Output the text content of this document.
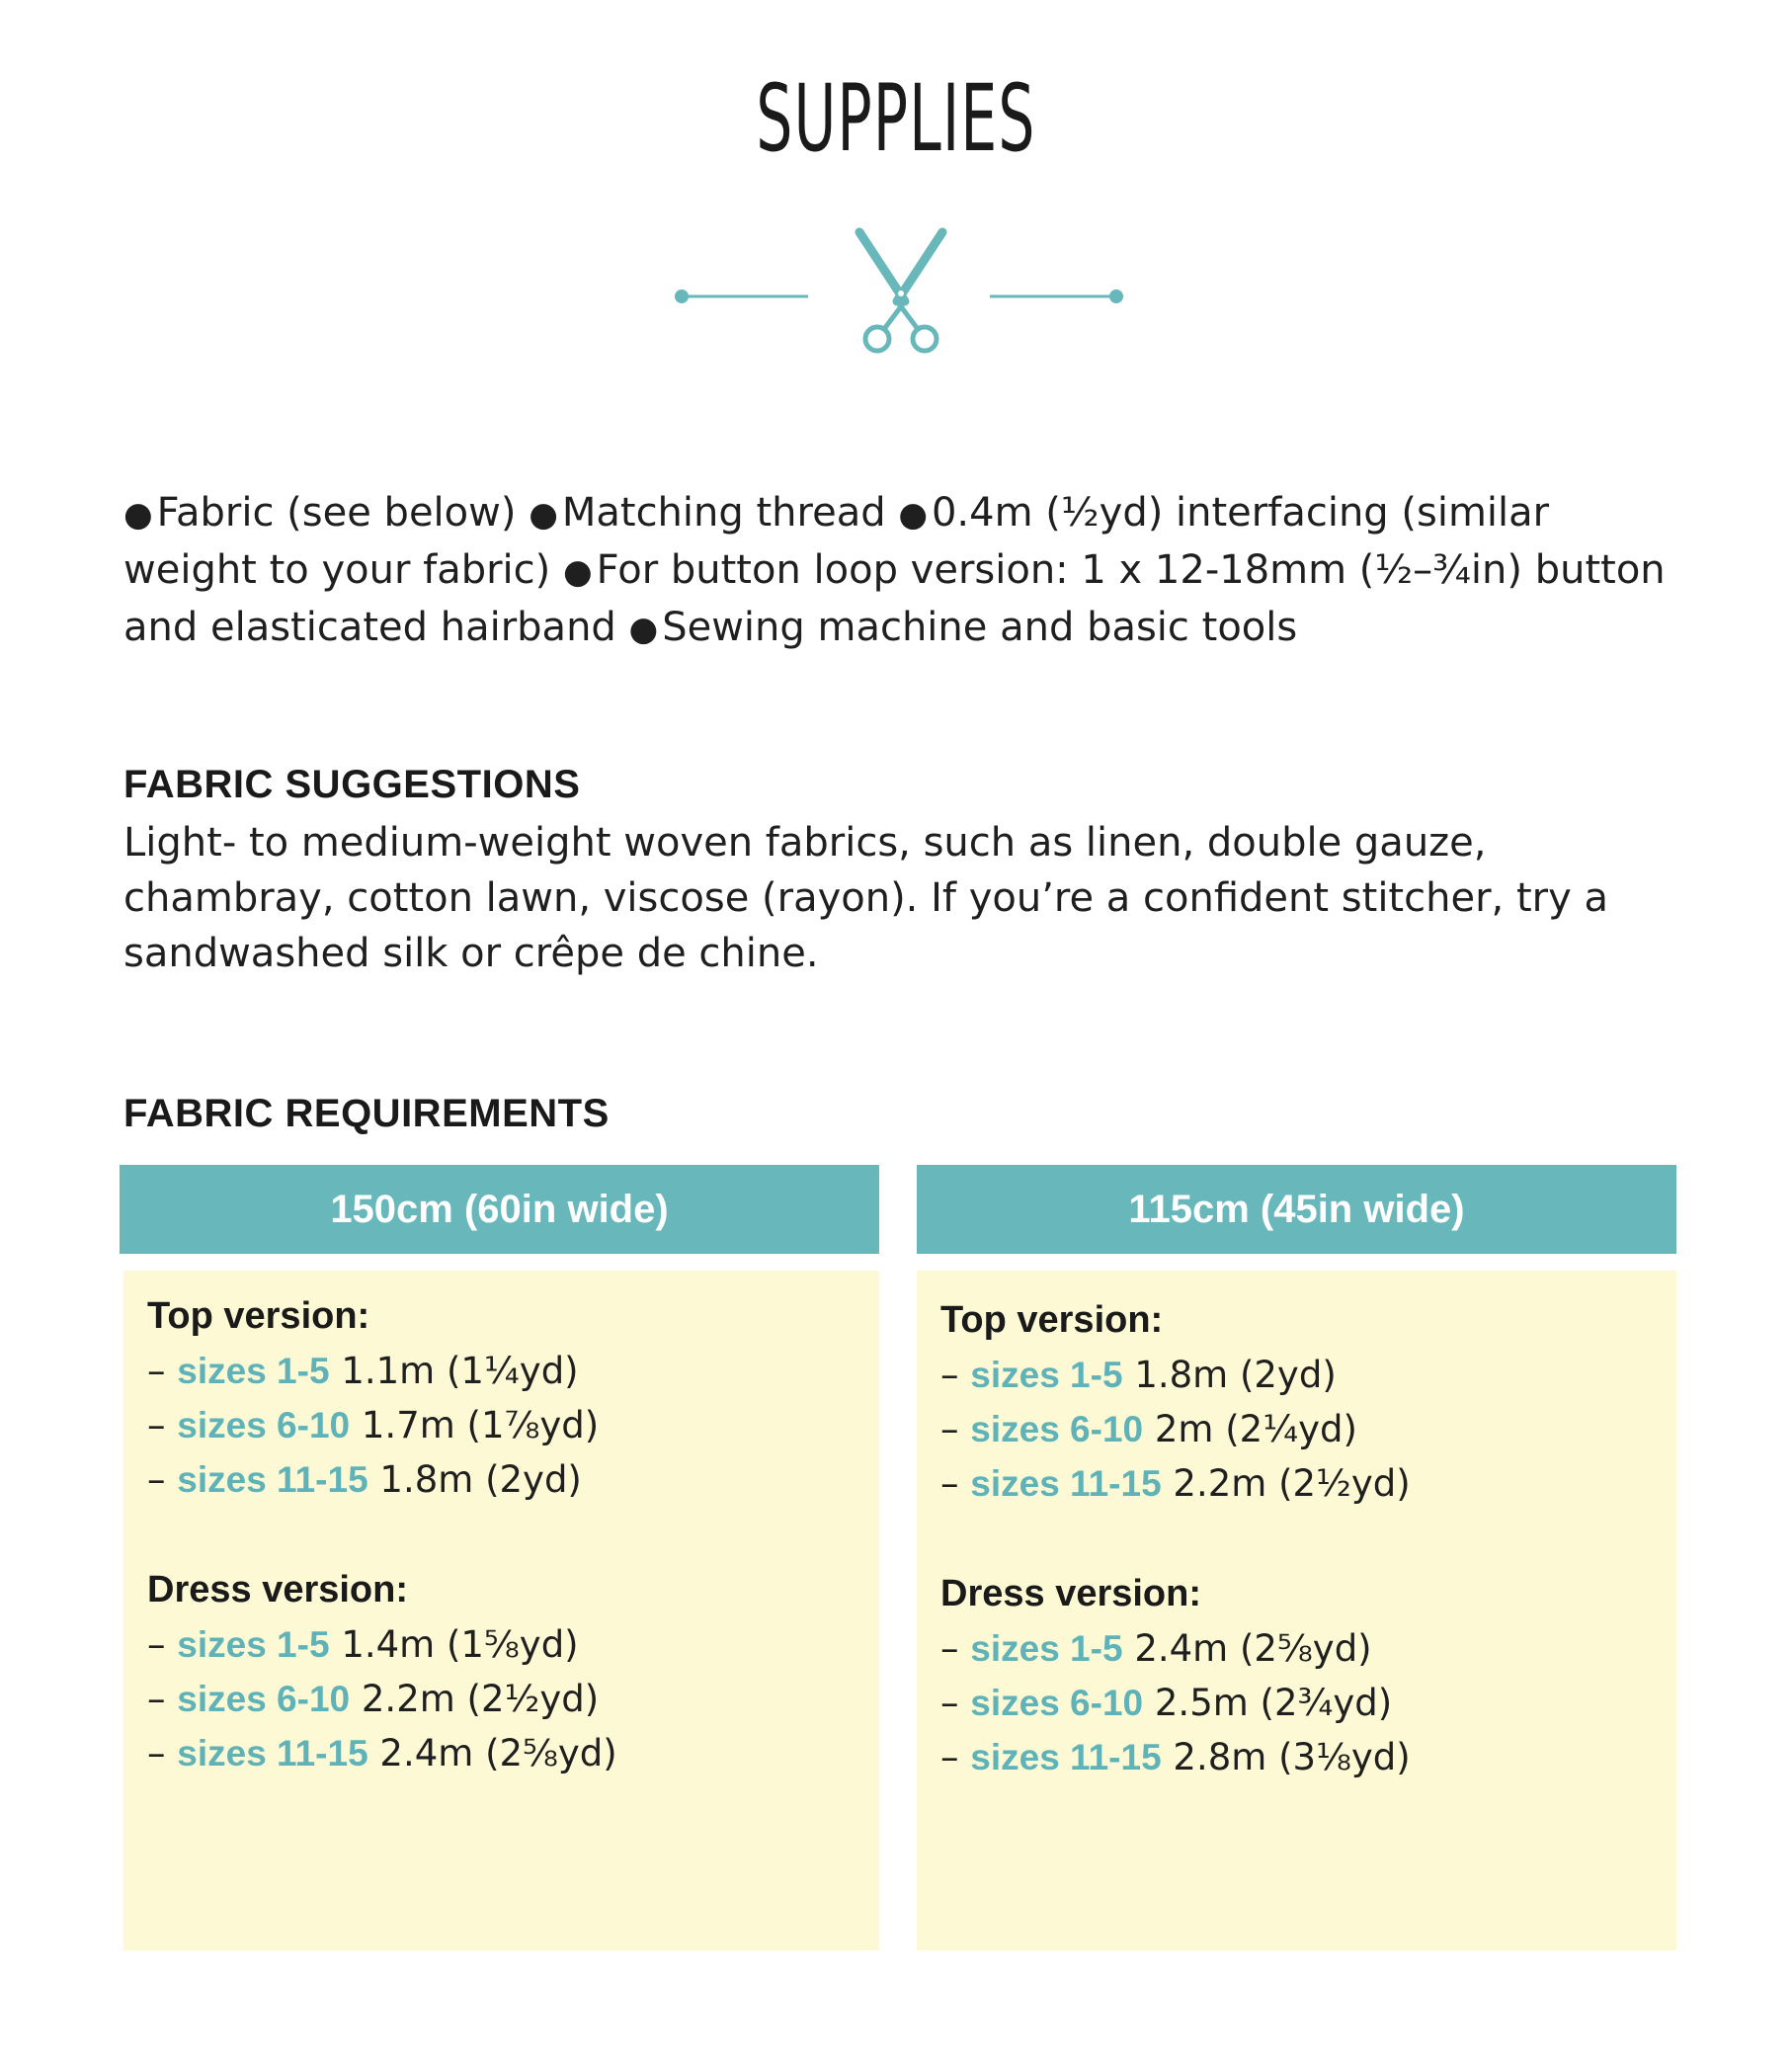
SUPPLIES
● Fabric (see below) ● Matching thread ● 0.4m (½yd) interfacing (similar weight to your fabric) ● For button loop version: 1 x 12-18mm (½–¾in) button and elasticated hairband ● Sewing machine and basic tools
FABRIC SUGGESTIONS
Light- to medium-weight woven fabrics, such as linen, double gauze, chambray, cotton lawn, viscose (rayon). If you’re a confident stitcher, try a sandwashed silk or crêpe de chine.
FABRIC REQUIREMENTS
150cm (60in wide)
Top version:
– sizes 1-5 1.1m (1¼yd)
– sizes 6-10 1.7m (1⅞yd)
– sizes 11-15 1.8m (2yd)
Dress version:
– sizes 1-5 1.4m (1⅝yd)
– sizes 6-10 2.2m (2½yd)
– sizes 11-15 2.4m (2⅝yd)
115cm (45in wide)
Top version:
– sizes 1-5 1.8m (2yd)
– sizes 6-10 2m (2¼yd)
– sizes 11-15 2.2m (2½yd)
Dress version:
– sizes 1-5 2.4m (2⅝yd)
– sizes 6-10 2.5m (2¾yd)
– sizes 11-15 2.8m (3⅛yd)
